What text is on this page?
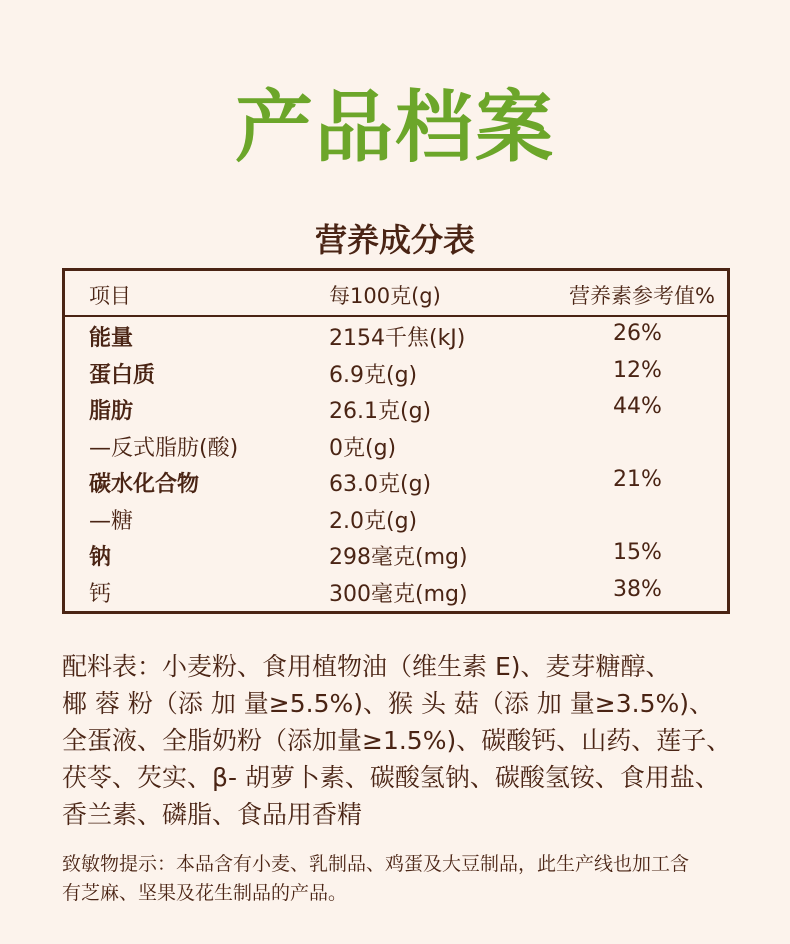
产品档案
营养成分表
项目	每100克(g)	营养素参考值%
能量	2154千焦(kJ)	26%
蛋白质	6.9克(g)	12%
脂肪	26.1克(g)	44%
—反式脂肪(酸)	0克(g)
碳水化合物	63.0克(g)	21%
—糖	2.0克(g)
钠	298毫克(mg)	15%
钙	300毫克(mg)	38%
配料表：小麦粉、食用植物油（维生素 E)、麦芽糖醇、
椰 蓉 粉（添 加 量≥5.5%)、猴 头 菇（添 加 量≥3.5%)、
全蛋液、全脂奶粉（添加量≥1.5%)、碳酸钙、山药、莲子、
茯苓、芡实、β- 胡萝卜素、碳酸氢钠、碳酸氢铵、食用盐、
香兰素、磷脂、食品用香精
致敏物提示：本品含有小麦、乳制品、鸡蛋及大豆制品，此生产线也加工含
有芝麻、坚果及花生制品的产品。
